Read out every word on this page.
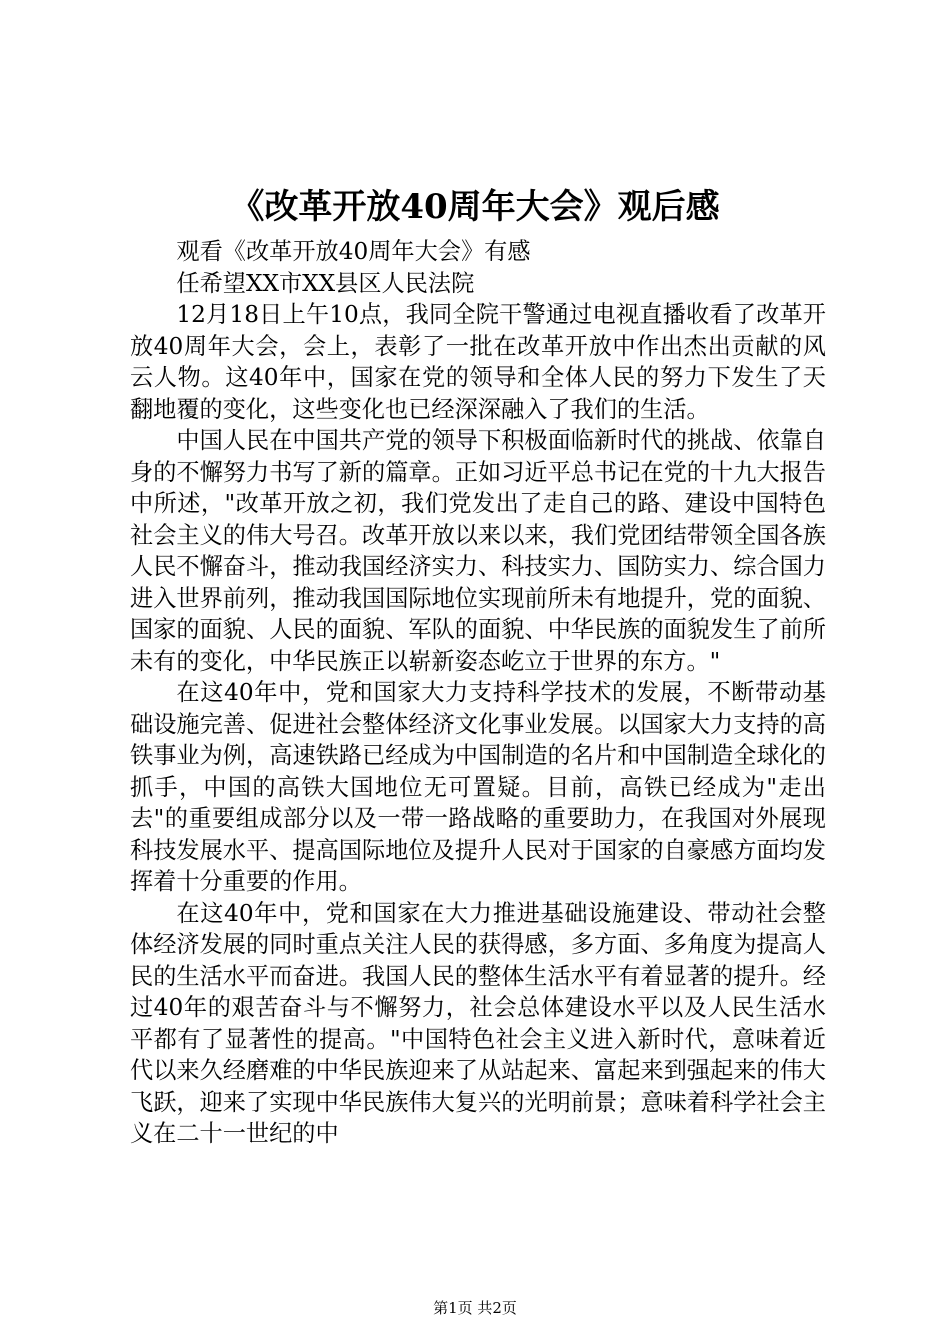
《改革开放40周年大会》观后感

观看《改革开放40周年大会》有感

任希望XX市XX县区人民法院

12月18日上午10点，我同全院干警通过电视直播收看了改革开放40周年大会，会上，表彰了一批在改革开放中作出杰出贡献的风云人物。这40年中，国家在党的领导和全体人民的努力下发生了天翻地覆的变化，这些变化也已经深深融入了我们的生活。

中国人民在中国共产党的领导下积极面临新时代的挑战、依靠自身的不懈努力书写了新的篇章。正如习近平总书记在党的十九大报告中所述，"改革开放之初，我们党发出了走自己的路、建设中国特色社会主义的伟大号召。改革开放以来以来，我们党团结带领全国各族人民不懈奋斗，推动我国经济实力、科技实力、国防实力、综合国力进入世界前列，推动我国国际地位实现前所未有地提升，党的面貌、国家的面貌、人民的面貌、军队的面貌、中华民族的面貌发生了前所未有的变化，中华民族正以崭新姿态屹立于世界的东方。"

在这40年中，党和国家大力支持科学技术的发展，不断带动基础设施完善、促进社会整体经济文化事业发展。以国家大力支持的高铁事业为例，高速铁路已经成为中国制造的名片和中国制造全球化的抓手，中国的高铁大国地位无可置疑。目前，高铁已经成为"走出去"的重要组成部分以及一带一路战略的重要助力，在我国对外展现科技发展水平、提高国际地位及提升人民对于国家的自豪感方面均发挥着十分重要的作用。

在这40年中，党和国家在大力推进基础设施建设、带动社会整体经济发展的同时重点关注人民的获得感，多方面、多角度为提高人民的生活水平而奋进。我国人民的整体生活水平有着显著的提升。经过40年的艰苦奋斗与不懈努力，社会总体建设水平以及人民生活水平都有了显著性的提高。"中国特色社会主义进入新时代，意味着近代以来久经磨难的中华民族迎来了从站起来、富起来到强起来的伟大飞跃，迎来了实现中华民族伟大复兴的光明前景；意味着科学社会主义在二十一世纪的中

第1页 共2页
